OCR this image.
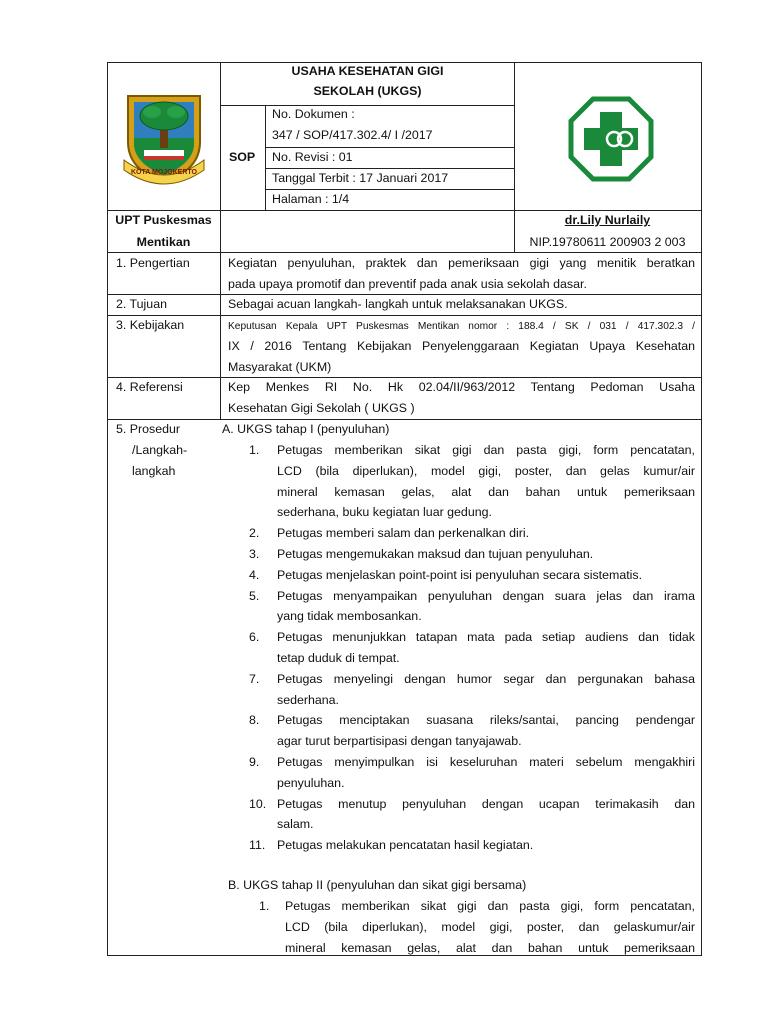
KOTA MOJOKERTO
USAHA KESEHATAN GIGI
SEKOLAH (UKGS)
SOP
No. Dokumen :
347 / SOP/417.302.4/ I /2017
No. Revisi : 01
Tanggal Terbit : 17 Januari 2017
Halaman : 1/4
UPT Puskesmas
Mentikan
dr.Lily Nurlaily
NIP.19780611 200903 2 003
1. Pengertian
2. Tujuan
3. Kebijakan
4. Referensi
5. Prosedur
/Langkah-
langkah
Kegiatan penyuluhan, praktek dan pemeriksaan gigi yang menitik beratkan
pada upaya promotif dan preventif pada anak usia sekolah dasar.
Sebagai acuan langkah- langkah untuk melaksanakan UKGS.
Keputusan Kepala UPT Puskesmas Mentikan nomor : 188.4 / SK / 031 / 417.302.3 /
IX / 2016 Tentang Kebijakan Penyelenggaraan Kegiatan Upaya Kesehatan
Masyarakat (UKM)
Kep Menkes RI No. Hk 02.04/II/963/2012 Tentang Pedoman Usaha
Kesehatan Gigi Sekolah ( UKGS )
A. UKGS tahap I (penyuluhan)
1. Petugas memberikan sikat gigi dan pasta gigi, form pencatatan,
LCD (bila diperlukan), model gigi, poster, dan gelas kumur/air
mineral kemasan gelas, alat dan bahan untuk pemeriksaan
sederhana, buku kegiatan luar gedung.
2. Petugas memberi salam dan perkenalkan diri.
3. Petugas mengemukakan maksud dan tujuan penyuluhan.
4. Petugas menjelaskan point-point isi penyuluhan secara sistematis.
5. Petugas menyampaikan penyuluhan dengan suara jelas dan irama
yang tidak membosankan.
6. Petugas menunjukkan tatapan mata pada setiap audiens dan tidak
tetap duduk di tempat.
7. Petugas menyelingi dengan humor segar dan pergunakan bahasa
sederhana.
8. Petugas menciptakan suasana rileks/santai, pancing pendengar
agar turut berpartisipasi dengan tanyajawab.
9. Petugas menyimpulkan isi keseluruhan materi sebelum mengakhiri
penyuluhan.
10. Petugas menutup penyuluhan dengan ucapan terimakasih dan
salam.
11. Petugas melakukan pencatatan hasil kegiatan.
B. UKGS tahap II (penyuluhan dan sikat gigi bersama)
1. Petugas memberikan sikat gigi dan pasta gigi, form pencatatan,
LCD (bila diperlukan), model gigi, poster, dan gelaskumur/air
mineral kemasan gelas, alat dan bahan untuk pemeriksaan
